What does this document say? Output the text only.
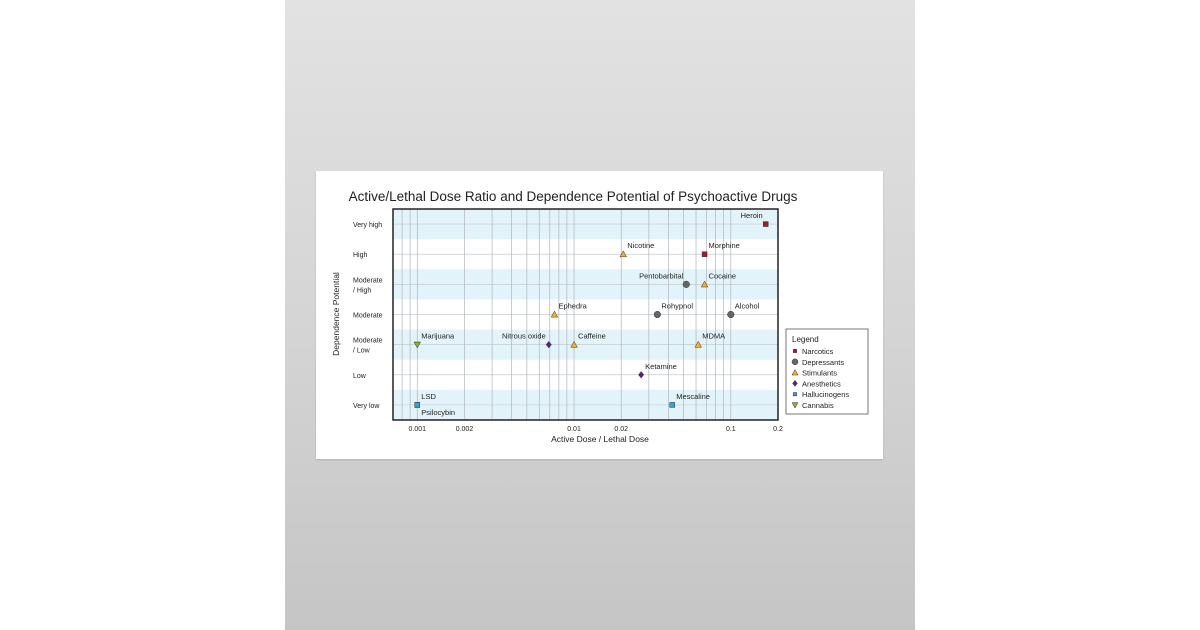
Active/Lethal Dose Ratio and Dependence Potential of Psychoactive Drugs
Very high
High
Moderate
/ High
Moderate
Moderate
/ Low
Low
Very low
0.001	0.002	0.01	0.02	0.1	0.2
Heroin
Morphine
Nicotine
Pentobarbital	Cocaine
Ephedra	Rohypnol	Alcohol
Marijuana	Nitrous oxide	Caffeine	MDMA
Ketamine
LSD
Psilocybin
Mescaline
Active Dose / Lethal Dose
Dependence Potential	Legend
Narcotics
Depressants
Stimulants
Anesthetics
Hallucinogens
Cannabis
